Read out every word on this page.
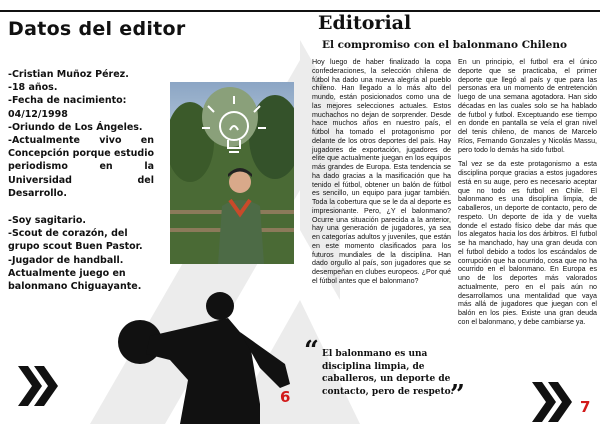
Datos del editor
-Cristian Muñoz Pérez.
-18 años.
-Fecha de nacimiento:
04/12/1998
-Oriundo de Los Ángeles.
-Actualmente vivo en Concepción porque estudio periodismo en la Universidad del Desarrollo.
-Soy sagitario.
-Scout de corazón, del grupo scout Buen Pastor.
-Jugador de handball. Actualmente juego en balonmano Chiguayante.
6
Editorial
El compromiso con el balonmano Chileno

Hoy luego de haber finalizado la copa confederaciones, la selección chilena de fútbol ha dado una nueva alegría al pueblo chileno. Han llegado a lo más alto del mundo, están posicionados como una de las mejores selecciones actuales. Estos muchachos no dejan de sorprender. Desde hace muchos años en nuestro país, el fútbol ha tomado el protagonismo por delante de los otros deportes del país. Hay jugadores de exportación, jugadores de elite que actualmente juegan en los equipos más grandes de Europa. Esta tendencia se ha dado gracias a la masificación que ha tenido el fútbol, obtener un balón de fútbol es sencillo, un equipo para jugar también. Toda la cobertura que se le da al deporte es impresionante. Pero, ¿Y el balonmano? Ocurre una situación parecida a la anterior, hay una generación de jugadores, ya sea en categorías adultos y juveniles, que están en este momento clasificados para los futuros mundiales de la disciplina. Han dado orgullo al país, son jugadores que se desempeñan en clubes europeos. ¿Por qué el fútbol antes que el balonmano?

En un principio, el futbol era el único deporte que se practicaba, el primer deporte que llegó al país y que para las personas era un momento de entretención luego de una semana agotadora. Han sido décadas en las cuales solo se ha hablado de futbol y futbol. Exceptuando ese tiempo en donde en pantalla se veía el gran nivel del tenis chileno, de manos de Marcelo Ríos, Fernando Gonzales y Nicolás Massu, pero todo lo demás ha sido futbol.

Tal vez se da este protagonismo a esta disciplina porque gracias a estos jugadores está en su auge, pero es necesario aceptar que no todo es futbol en Chile. El balonmano es una disciplina limpia, de caballeros, un deporte de contacto, pero de respeto. Un deporte de ida y de vuelta donde el estado físico debe dar más que los alegatos hacia los dos árbitros. El futbol se ha manchado, hay una gran deuda con el futbol debido a todos los escándalos de corrupción que ha ocurrido, cosa que no ha ocurrido en el balonmano. En Europa es uno de los deportes más valorados actualmente, pero en el país aún no desarrollamos una mentalidad que vaya más allá de jugadores que juegan con el balón en los pies. Existe una gran deuda con el balonmano, y debe cambiarse ya.

“ El balonmano es una disciplina limpia, de caballeros, un deporte de contacto, pero de respeto.
”	7
